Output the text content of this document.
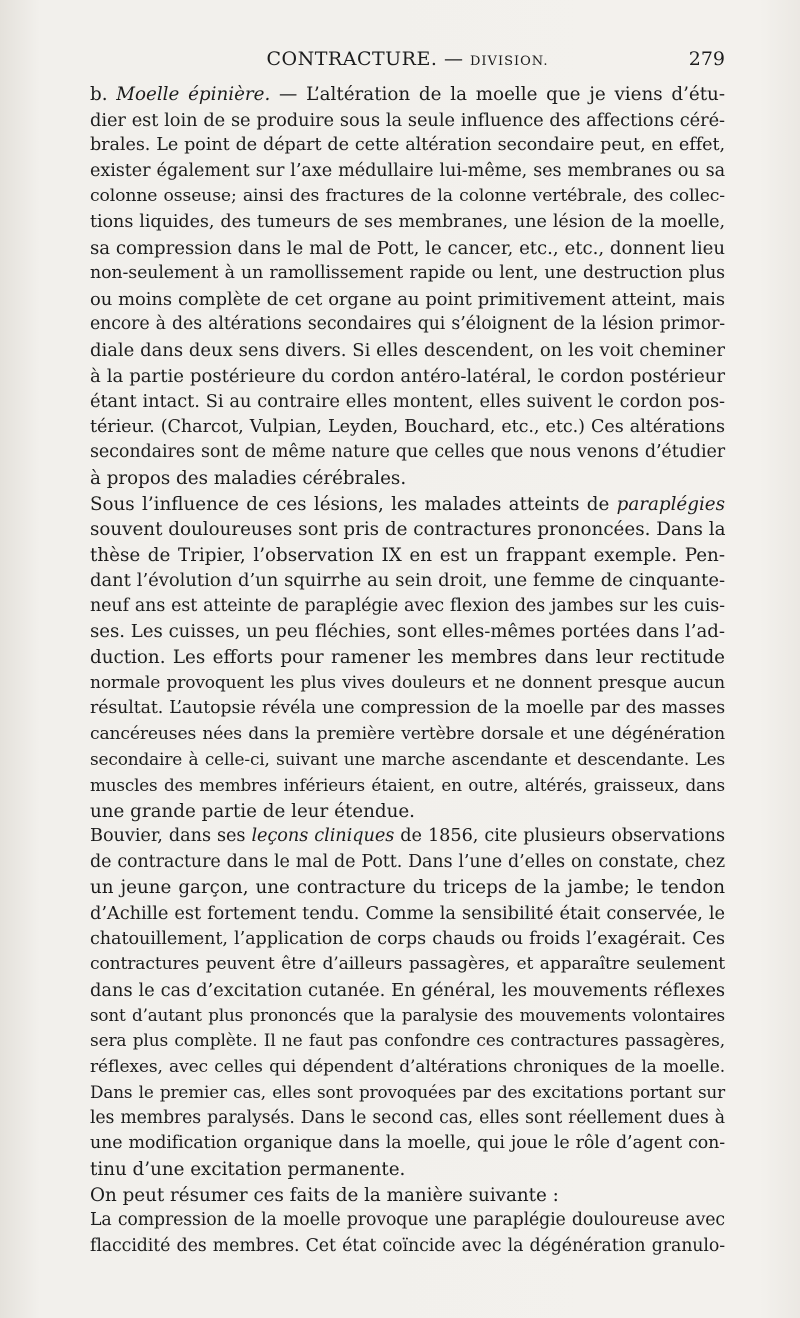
CONTRACTURE. — DIVISION.	279
b. Moelle épinière. — L’altération de la moelle que je viens d’étu-
dier est loin de se produire sous la seule influence des affections céré-
brales. Le point de départ de cette altération secondaire peut, en effet,
exister également sur l’axe médullaire lui-même, ses membranes ou sa
colonne osseuse; ainsi des fractures de la colonne vertébrale, des collec-
tions liquides, des tumeurs de ses membranes, une lésion de la moelle,
sa compression dans le mal de Pott, le cancer, etc., etc., donnent lieu
non-seulement à un ramollissement rapide ou lent, une destruction plus
ou moins complète de cet organe au point primitivement atteint, mais
encore à des altérations secondaires qui s’éloignent de la lésion primor-
diale dans deux sens divers. Si elles descendent, on les voit cheminer
à la partie postérieure du cordon antéro-latéral, le cordon postérieur
étant intact. Si au contraire elles montent, elles suivent le cordon pos-
térieur. (Charcot, Vulpian, Leyden, Bouchard, etc., etc.) Ces altérations
secondaires sont de même nature que celles que nous venons d’étudier
à propos des maladies cérébrales.
Sous l’influence de ces lésions, les malades atteints de paraplégies
souvent douloureuses sont pris de contractures prononcées. Dans la
thèse de Tripier, l’observation IX en est un frappant exemple. Pen-
dant l’évolution d’un squirrhe au sein droit, une femme de cinquante-
neuf ans est atteinte de paraplégie avec flexion des jambes sur les cuis-
ses. Les cuisses, un peu fléchies, sont elles-mêmes portées dans l’ad-
duction. Les efforts pour ramener les membres dans leur rectitude
normale provoquent les plus vives douleurs et ne donnent presque aucun
résultat. L’autopsie révéla une compression de la moelle par des masses
cancéreuses nées dans la première vertèbre dorsale et une dégénération
secondaire à celle-ci, suivant une marche ascendante et descendante. Les
muscles des membres inférieurs étaient, en outre, altérés, graisseux, dans
une grande partie de leur étendue.
Bouvier, dans ses leçons cliniques de 1856, cite plusieurs observations
de contracture dans le mal de Pott. Dans l’une d’elles on constate, chez
un jeune garçon, une contracture du triceps de la jambe; le tendon
d’Achille est fortement tendu. Comme la sensibilité était conservée, le
chatouillement, l’application de corps chauds ou froids l’exagérait. Ces
contractures peuvent être d’ailleurs passagères, et apparaître seulement
dans le cas d’excitation cutanée. En général, les mouvements réflexes
sont d’autant plus prononcés que la paralysie des mouvements volontaires
sera plus complète. Il ne faut pas confondre ces contractures passagères,
réflexes, avec celles qui dépendent d’altérations chroniques de la moelle.
Dans le premier cas, elles sont provoquées par des excitations portant sur
les membres paralysés. Dans le second cas, elles sont réellement dues à
une modification organique dans la moelle, qui joue le rôle d’agent con-
tinu d’une excitation permanente.
On peut résumer ces faits de la manière suivante :
La compression de la moelle provoque une paraplégie douloureuse avec
flaccidité des membres. Cet état coïncide avec la dégénération granulo-
